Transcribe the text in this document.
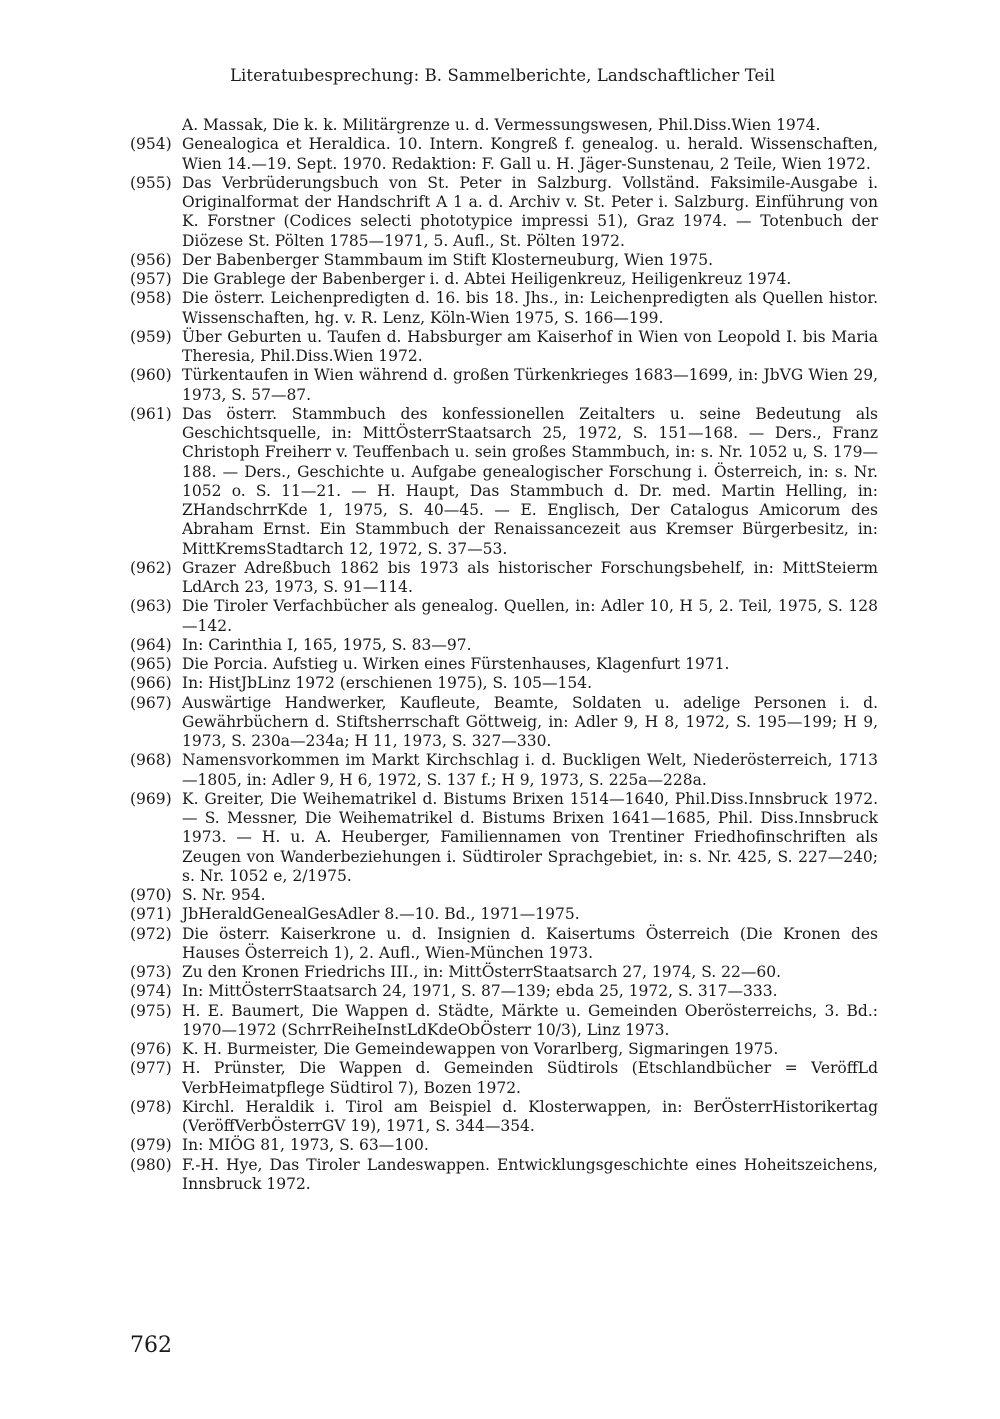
Literatuıbesprechung: B. Sammelberichte, Landschaftlicher Teil
A. Massak, Die k. k. Militärgrenze u. d. Vermessungswesen, Phil.Diss.Wien 1974.
(954) Genealogica et Heraldica. 10. Intern. Kongreß f. genealog. u. herald. Wissenschaften, Wien 14.—19. Sept. 1970. Redaktion: F. Gall u. H. Jäger-Sunstenau, 2 Teile, Wien 1972.
(955) Das Verbrüderungsbuch von St. Peter in Salzburg. Vollständ. Faksimile-Ausgabe i. Originalformat der Handschrift A 1 a. d. Archiv v. St. Peter i. Salzburg. Einführung von K. Forstner (Codices selecti phototypice impressi 51), Graz 1974. — Totenbuch der Diözese St. Pölten 1785—1971, 5. Aufl., St. Pölten 1972.
(956) Der Babenberger Stammbaum im Stift Klosterneuburg, Wien 1975.
(957) Die Grablege der Babenberger i. d. Abtei Heiligenkreuz, Heiligenkreuz 1974.
(958) Die österr. Leichenpredigten d. 16. bis 18. Jhs., in: Leichenpredigten als Quellen histor. Wissenschaften, hg. v. R. Lenz, Köln-Wien 1975, S. 166—199.
(959) Über Geburten u. Taufen d. Habsburger am Kaiserhof in Wien von Leopold I. bis Maria Theresia, Phil.Diss.Wien 1972.
(960) Türkentaufen in Wien während d. großen Türkenkrieges 1683—1699, in: JbVG Wien 29, 1973, S. 57—87.
(961) Das österr. Stammbuch des konfessionellen Zeitalters u. seine Bedeutung als Geschichtsquelle, in: MittÖsterrStaatsarch 25, 1972, S. 151—168. — Ders., Franz Christoph Freiherr v. Teuffenbach u. sein großes Stammbuch, in: s. Nr. 1052 u, S. 179—188. — Ders., Geschichte u. Aufgabe genealogischer Forschung i. Österreich, in: s. Nr. 1052 o. S. 11—21. — H. Haupt, Das Stammbuch d. Dr. med. Martin Helling, in: ZHandschrrKde 1, 1975, S. 40—45. — E. Englisch, Der Catalogus Amicorum des Abraham Ernst. Ein Stammbuch der Renaissancezeit aus Kremser Bürgerbesitz, in: MittKremsStadtarch 12, 1972, S. 37—53.
(962) Grazer Adreßbuch 1862 bis 1973 als historischer Forschungsbehelf, in: MittSteierm LdArch 23, 1973, S. 91—114.
(963) Die Tiroler Verfachbücher als genealog. Quellen, in: Adler 10, H 5, 2. Teil, 1975, S. 128—142.
(964) In: Carinthia I, 165, 1975, S. 83—97.
(965) Die Porcia. Aufstieg u. Wirken eines Fürstenhauses, Klagenfurt 1971.
(966) In: HistJbLinz 1972 (erschienen 1975), S. 105—154.
(967) Auswärtige Handwerker, Kaufleute, Beamte, Soldaten u. adelige Personen i. d. Gewährbüchern d. Stiftsherrschaft Göttweig, in: Adler 9, H 8, 1972, S. 195—199; H 9, 1973, S. 230a—234a; H 11, 1973, S. 327—330.
(968) Namensvorkommen im Markt Kirchschlag i. d. Buckligen Welt, Niederösterreich, 1713—1805, in: Adler 9, H 6, 1972, S. 137 f.; H 9, 1973, S. 225a—228a.
(969) K. Greiter, Die Weihematrikel d. Bistums Brixen 1514—1640, Phil.Diss.Innsbruck 1972. — S. Messner, Die Weihematrikel d. Bistums Brixen 1641—1685, Phil. Diss.Innsbruck 1973. — H. u. A. Heuberger, Familiennamen von Trentiner Friedhofinschriften als Zeugen von Wanderbeziehungen i. Südtiroler Sprachgebiet, in: s. Nr. 425, S. 227—240; s. Nr. 1052 e, 2/1975.
(970) S. Nr. 954.
(971) JbHeraldGenealGesAdler 8.—10. Bd., 1971—1975.
(972) Die österr. Kaiserkrone u. d. Insignien d. Kaisertums Österreich (Die Kronen des Hauses Österreich 1), 2. Aufl., Wien-München 1973.
(973) Zu den Kronen Friedrichs III., in: MittÖsterrStaatsarch 27, 1974, S. 22—60.
(974) In: MittÖsterrStaatsarch 24, 1971, S. 87—139; ebda 25, 1972, S. 317—333.
(975) H. E. Baumert, Die Wappen d. Städte, Märkte u. Gemeinden Oberösterreichs, 3. Bd.: 1970—1972 (SchrrReiheInstLdKdeObÖsterr 10/3), Linz 1973.
(976) K. H. Burmeister, Die Gemeindewappen von Vorarlberg, Sigmaringen 1975.
(977) H. Prünster, Die Wappen d. Gemeinden Südtirols (Etschlandbücher = VeröffLd VerbHeimatpflege Südtirol 7), Bozen 1972.
(978) Kirchl. Heraldik i. Tirol am Beispiel d. Klosterwappen, in: BerÖsterrHistorikertag (VeröffVerbÖsterrGV 19), 1971, S. 344—354.
(979) In: MIÖG 81, 1973, S. 63—100.
(980) F.-H. Hye, Das Tiroler Landeswappen. Entwicklungsgeschichte eines Hoheitszeichens, Innsbruck 1972.
762
